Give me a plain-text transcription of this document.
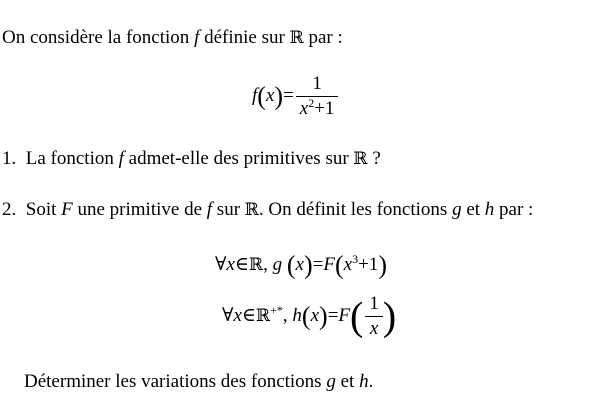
On considère la fonction f définie sur ℝ par :
$f(x)= \frac{1}{x^2+1}$
1. La fonction f admet-elle des primitives sur ℝ ?
2. Soit F une primitive de f sur ℝ. On définit les fonctions g et h par :
∀x∈ℝ, g $(x)=F(x^3+1)$
∀x∈ℝ+*, $h(x)=F( \frac{1}{x}$ )
Déterminer les variations des fonctions g et h.
